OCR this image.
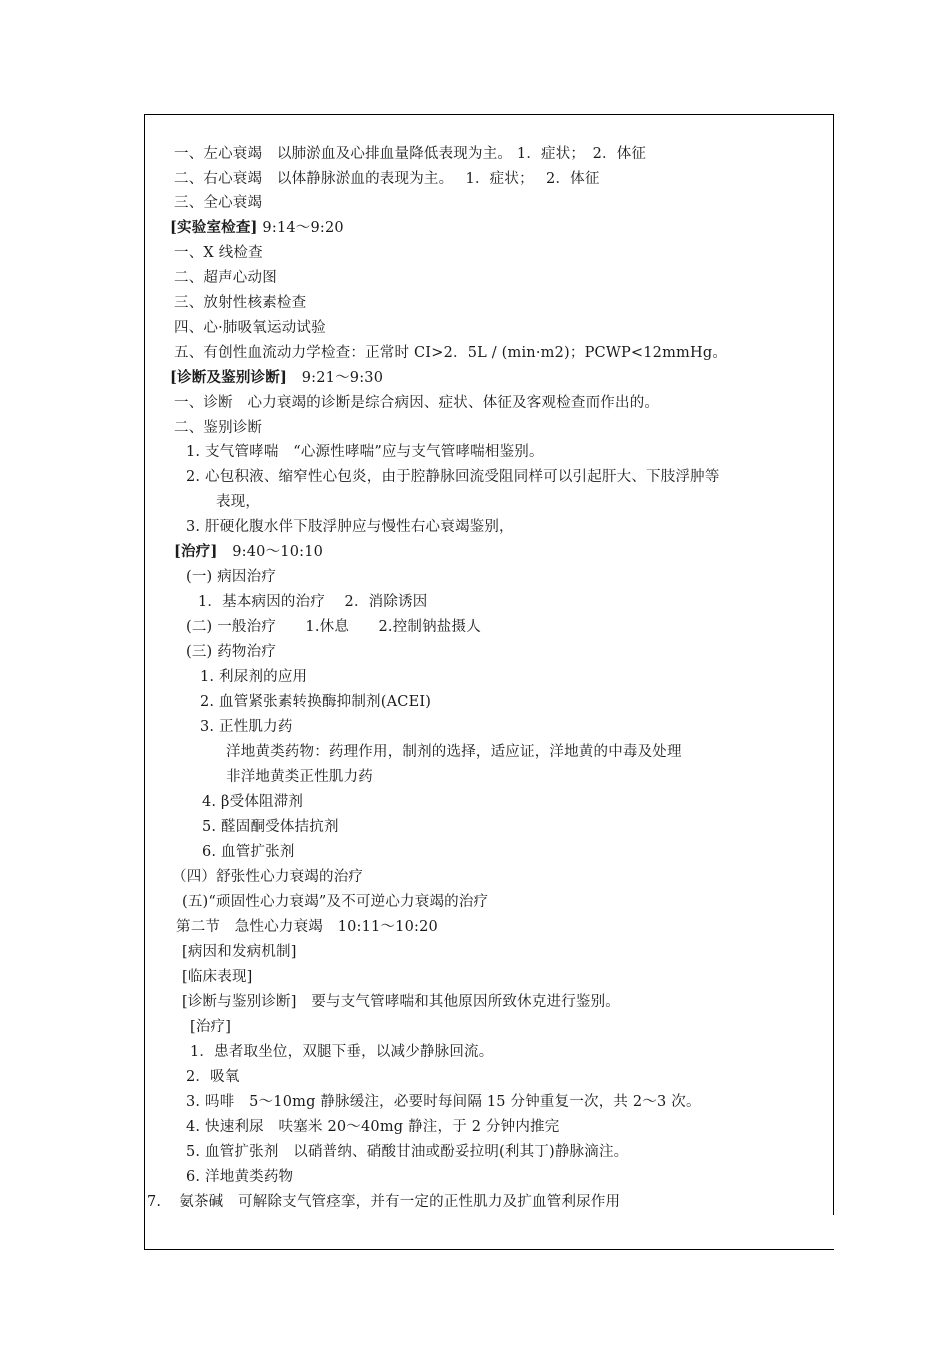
一、左心衰竭　以肺淤血及心排血量降低表现为主。 1．症状；　2．体征
二、右心衰竭　以体静脉淤血的表现为主。　 1．症状；　 2．体征
三、全心衰竭
[实验室检查] 9:14～9:20
一、X 线检查
二、超声心动图
三、放射性核素检查
四、心·肺吸氧运动试验
五、有创性血流动力学检查：正常时 CI>2．5L / (min·m2)；PCWP<12mmHg。
[诊断及鉴别诊断]　9:21～9:30
一、诊断　心力衰竭的诊断是综合病因、症状、体征及客观检查而作出的。
二、鉴别诊断
1. 支气管哮喘　“心源性哮喘”应与支气管哮喘相鉴别。
2. 心包积液、缩窄性心包炎，由于腔静脉回流受阻同样可以引起肝大、下肢浮肿等
表现，
3. 肝硬化腹水伴下肢浮肿应与慢性右心衰竭鉴别，
[治疗]　9:40～10:10
(一) 病因治疗
1．基本病因的治疗　 2．消除诱因
(二) 一般治疗　　1.休息　　2.控制钠盐摄人
(三) 药物治疗
1. 利尿剂的应用
2. 血管紧张素转换酶抑制剂(ACEI)
3. 正性肌力药
洋地黄类药物：药理作用，制剂的选择，适应证，洋地黄的中毒及处理
非洋地黄类正性肌力药
4. β受体阻滞剂
5. 醛固酮受体拮抗剂
6. 血管扩张剂
（四）舒张性心力衰竭的治疗
(五)“顽固性心力衰竭”及不可逆心力衰竭的治疗
第二节　急性心力衰竭　10:11～10:20
[病因和发病机制]
[临床表现]
[诊断与鉴别诊断]　要与支气管哮喘和其他原因所致休克进行鉴别。
[治疗]
1．患者取坐位，双腿下垂，以减少静脉回流。
2．吸氧
3. 吗啡　5～10mg 静脉缓注，必要时每间隔 15 分钟重复一次，共 2～3 次。
4. 快速利尿　呋塞米 20～40mg 静注，于 2 分钟内推完
5. 血管扩张剂　以硝普纳、硝酸甘油或酚妥拉明(利其丁)静脉滴注。
6. 洋地黄类药物
7. 氨茶碱　可解除支气管痉挛，并有一定的正性肌力及扩血管利尿作用
